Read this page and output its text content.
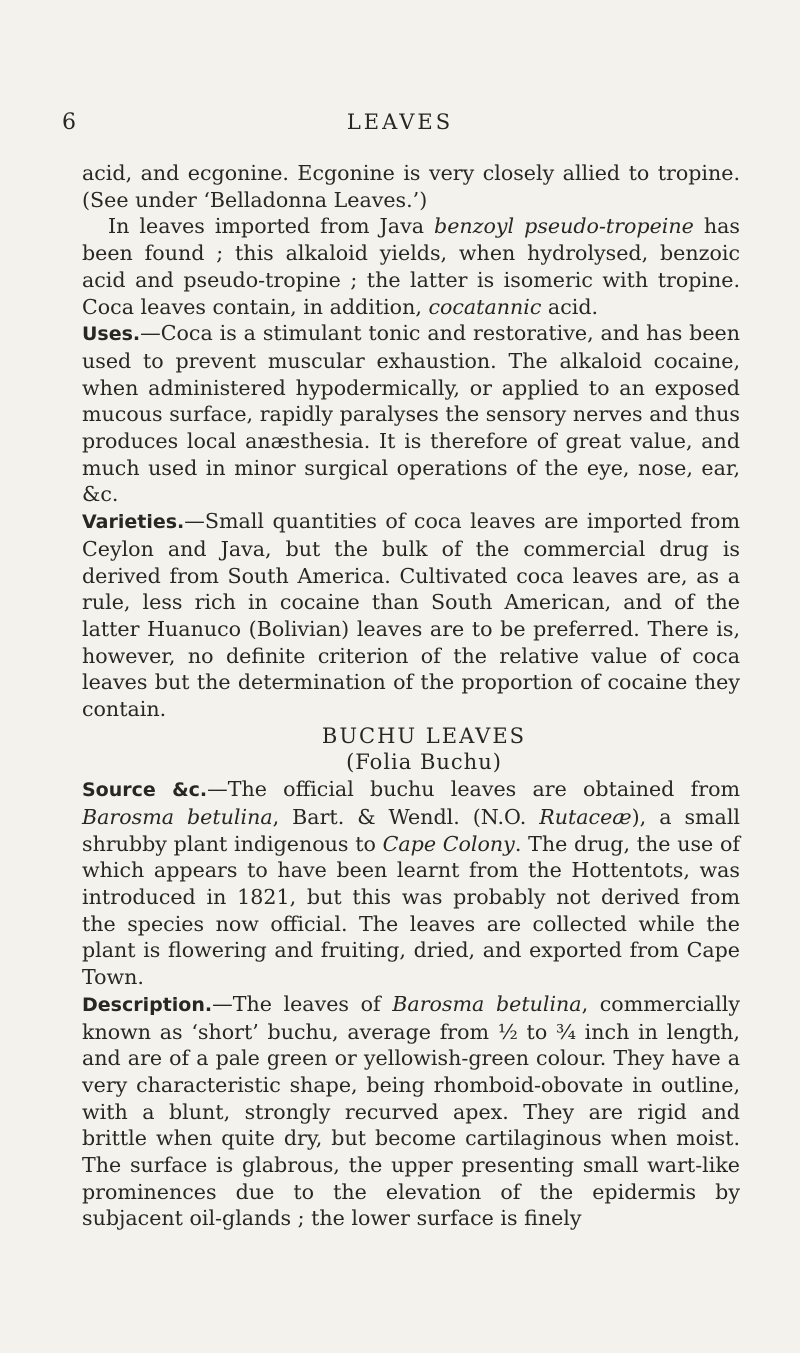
6	LEAVES

acid, and ecgonine. Ecgonine is very closely allied to tropine. (See under ‘Belladonna Leaves.’)

In leaves imported from Java benzoyl pseudo-tropeine has been found ; this alkaloid yields, when hydrolysed, benzoic acid and pseudo-tropine ; the latter is isomeric with tropine. Coca leaves contain, in addition, cocatannic acid.

Uses.—Coca is a stimulant tonic and restorative, and has been used to prevent muscular exhaustion. The alkaloid cocaine, when administered hypodermically, or applied to an exposed mucous surface, rapidly paralyses the sensory nerves and thus produces local anæsthesia. It is therefore of great value, and much used in minor surgical operations of the eye, nose, ear, &c.

Varieties.—Small quantities of coca leaves are imported from Ceylon and Java, but the bulk of the commercial drug is derived from South America. Cultivated coca leaves are, as a rule, less rich in cocaine than South American, and of the latter Huanuco (Bolivian) leaves are to be preferred. There is, however, no definite criterion of the relative value of coca leaves but the determination of the proportion of cocaine they contain.

BUCHU LEAVES

(Folia Buchu)

Source &c.—The official buchu leaves are obtained from Barosma betulina, Bart. & Wendl. (N.O. Rutaceæ), a small shrubby plant indigenous to Cape Colony. The drug, the use of which appears to have been learnt from the Hottentots, was introduced in 1821, but this was probably not derived from the species now official. The leaves are collected while the plant is flowering and fruiting, dried, and exported from Cape Town.

Description.—The leaves of Barosma betulina, commercially known as ‘short’ buchu, average from ½ to ¾ inch in length, and are of a pale green or yellowish-green colour. They have a very characteristic shape, being rhomboid-obovate in outline, with a blunt, strongly recurved apex. They are rigid and brittle when quite dry, but become cartilaginous when moist. The surface is glabrous, the upper presenting small wart-like prominences due to the elevation of the epidermis by subjacent oil-glands ; the lower surface is finely
